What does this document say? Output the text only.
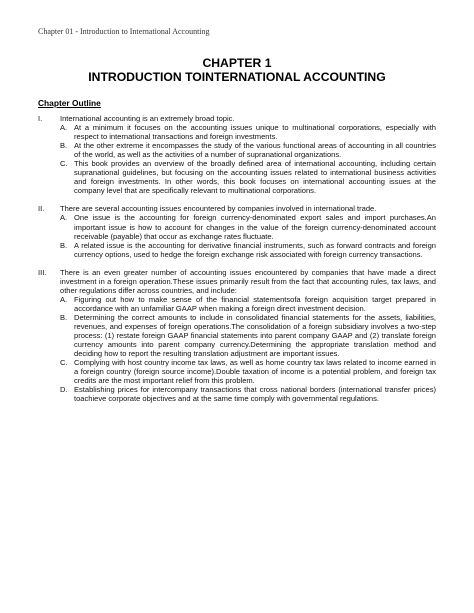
Chapter 01 - Introduction to International Accounting
CHAPTER 1
INTRODUCTION TOINTERNATIONAL ACCOUNTING
Chapter Outline
I.	International accounting is an extremely broad topic.
A. At a minimum it focuses on the accounting issues unique to multinational corporations, especially with respect to international transactions and foreign investments.
B. At the other extreme it encompasses the study of the various functional areas of accounting in all countries of the world, as well as the activities of a number of supranational organizations.
C. This book provides an overview of the broadly defined area of international accounting, including certain supranational guidelines, but focusing on the accounting issues related to international business activities and foreign investments. In other words, this book focuses on international accounting issues at the company level that are specifically relevant to multinational corporations.
II.	There are several accounting issues encountered by companies involved in international trade.
A. One issue is the accounting for foreign currency-denominated export sales and import purchases.An important issue is how to account for changes in the value of the foreign currency-denominated account receivable (payable) that occur as exchange rates fluctuate.
B. A related issue is the accounting for derivative financial instruments, such as forward contracts and foreign currency options, used to hedge the foreign exchange risk associated with foreign currency transactions.
III.	There is an even greater number of accounting issues encountered by companies that have made a direct investment in a foreign operation.These issues primarily result from the fact that accounting rules, tax laws, and other regulations differ across countries, and include:
A. Figuring out how to make sense of the financial statementsofa foreign acquisition target prepared in accordance with an unfamiliar GAAP when making a foreign direct investment decision.
B. Determining the correct amounts to include in consolidated financial statements for the assets, liabilities, revenues, and expenses of foreign operations.The consolidation of a foreign subsidiary involves a two-step process: (1) restate foreign GAAP financial statements into parent company GAAP and (2) translate foreign currency amounts into parent company currency.Determining the appropriate translation method and deciding how to report the resulting translation adjustment are important issues.
C. Complying with host country income tax laws, as well as home country tax laws related to income earned in a foreign country (foreign source income).Double taxation of income is a potential problem, and foreign tax credits are the most important relief from this problem.
D. Establishing prices for intercompany transactions that cross national borders (international transfer prices) toachieve corporate objectives and at the same time comply with governmental regulations.
